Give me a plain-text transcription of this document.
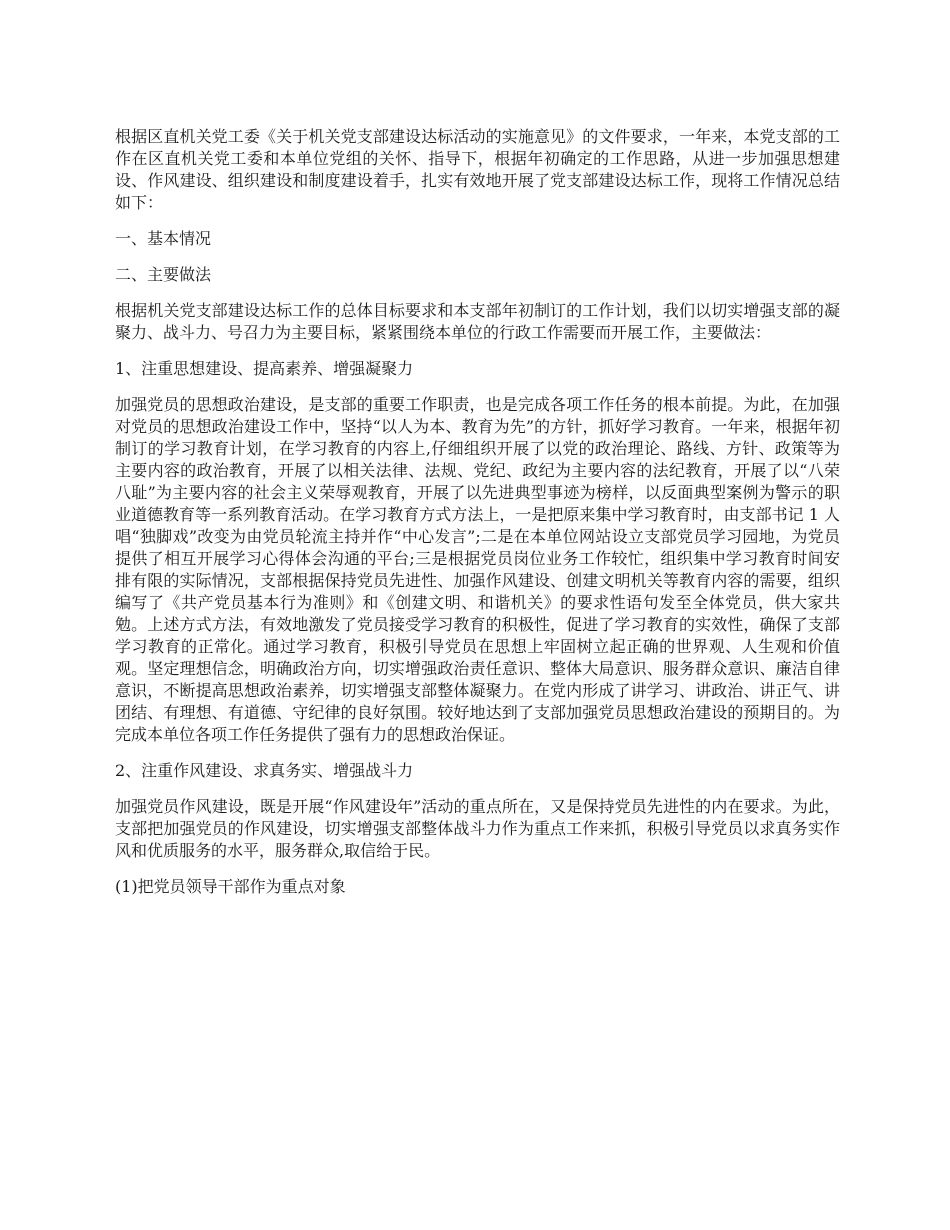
根据区直机关党工委《关于机关党支部建设达标活动的实施意见》的文件要求，一年来，本党支部的工作在区直机关党工委和本单位党组的关怀、指导下，根据年初确定的工作思路，从进一步加强思想建设、作风建设、组织建设和制度建设着手，扎实有效地开展了党支部建设达标工作，现将工作情况总结如下：

一、基本情况

二、主要做法

根据机关党支部建设达标工作的总体目标要求和本支部年初制订的工作计划，我们以切实增强支部的凝聚力、战斗力、号召力为主要目标，紧紧围绕本单位的行政工作需要而开展工作，主要做法：

1、注重思想建设、提高素养、增强凝聚力

加强党员的思想政治建设，是支部的重要工作职责，也是完成各项工作任务的根本前提。为此，在加强对党员的思想政治建设工作中，坚持“以人为本、教育为先”的方针，抓好学习教育。一年来，根据年初制订的学习教育计划，在学习教育的内容上,仔细组织开展了以党的政治理论、路线、方针、政策等为主要内容的政治教育，开展了以相关法律、法规、党纪、政纪为主要内容的法纪教育，开展了以“八荣八耻”为主要内容的社会主义荣辱观教育，开展了以先进典型事迹为榜样，以反面典型案例为警示的职业道德教育等一系列教育活动。在学习教育方式方法上，一是把原来集中学习教育时，由支部书记 1 人唱“独脚戏”改变为由党员轮流主持并作“中心发言”;二是在本单位网站设立支部党员学习园地，为党员提供了相互开展学习心得体会沟通的平台;三是根据党员岗位业务工作较忙，组织集中学习教育时间安排有限的实际情况，支部根据保持党员先进性、加强作风建设、创建文明机关等教育内容的需要，组织编写了《共产党员基本行为准则》和《创建文明、和谐机关》的要求性语句发至全体党员，供大家共勉。上述方式方法，有效地激发了党员接受学习教育的积极性，促进了学习教育的实效性，确保了支部学习教育的正常化。通过学习教育，积极引导党员在思想上牢固树立起正确的世界观、人生观和价值观。坚定理想信念，明确政治方向，切实增强政治责任意识、整体大局意识、服务群众意识、廉洁自律意识，不断提高思想政治素养，切实增强支部整体凝聚力。在党内形成了讲学习、讲政治、讲正气、讲团结、有理想、有道德、守纪律的良好氛围。较好地达到了支部加强党员思想政治建设的预期目的。为完成本单位各项工作任务提供了强有力的思想政治保证。

2、注重作风建设、求真务实、增强战斗力

加强党员作风建设，既是开展“作风建设年”活动的重点所在，又是保持党员先进性的内在要求。为此，支部把加强党员的作风建设，切实增强支部整体战斗力作为重点工作来抓，积极引导党员以求真务实作风和优质服务的水平，服务群众,取信给于民。

(1)把党员领导干部作为重点对象
